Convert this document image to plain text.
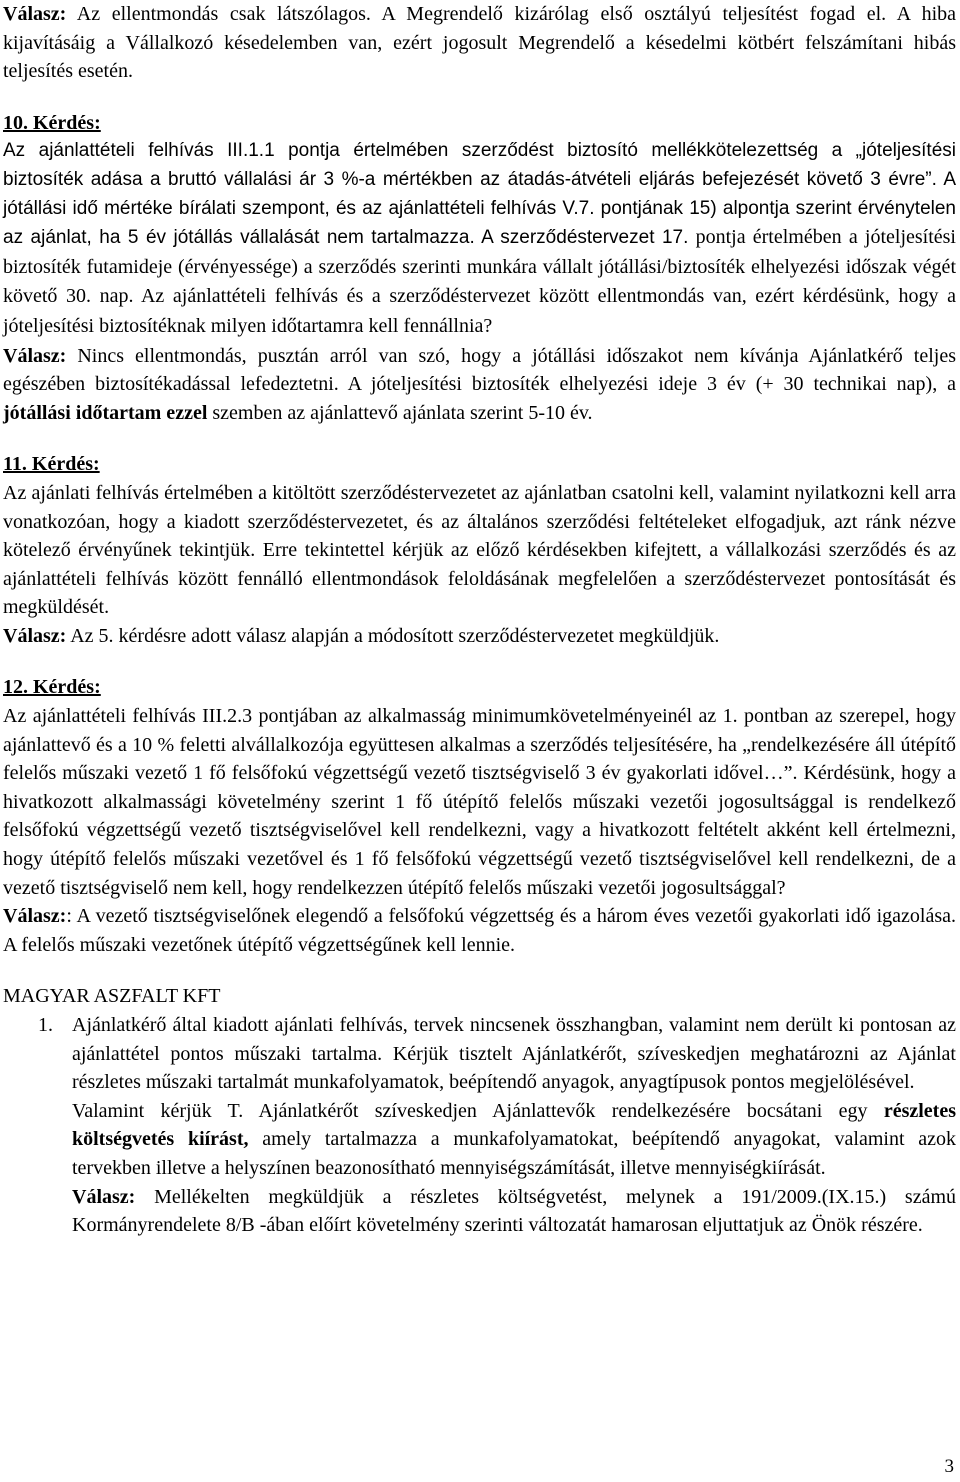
Válasz: Az ellentmondás csak látszólagos. A Megrendelő kizárólag első osztályú teljesítést fogad el. A hiba kijavításáig a Vállalkozó késedelemben van, ezért jogosult Megrendelő a késedelmi kötbért felszámítani hibás teljesítés esetén.

10. Kérdés:

Az ajánlattételi felhívás III.1.1 pontja értelmében szerződést biztosító mellékkötelezettség a „jóteljesítési biztosíték adása a bruttó vállalási ár 3 %-a mértékben az átadás-átvételi eljárás befejezését követő 3 évre”. A jótállási idő mértéke bírálati szempont, és az ajánlattételi felhívás V.7. pontjának 15) alpontja szerint érvénytelen az ajánlat, ha 5 év jótállás vállalását nem tartalmazza. A szerződéstervezet 17. pontja értelmében a jóteljesítési biztosíték futamideje (érvényessége) a szerződés szerinti munkára vállalt jótállási/biztosíték elhelyezési időszak végét követő 30. nap. Az ajánlattételi felhívás és a szerződéstervezet között ellentmondás van, ezért kérdésünk, hogy a jóteljesítési biztosítéknak milyen időtartamra kell fennállnia?

Válasz: Nincs ellentmondás, pusztán arról van szó, hogy a jótállási időszakot nem kívánja Ajánlatkérő teljes egészében biztosítékadással lefedeztetni. A jóteljesítési biztosíték elhelyezési ideje 3 év (+ 30 technikai nap), a jótállási időtartam ezzel szemben az ajánlattevő ajánlata szerint 5-10 év.

11. Kérdés:

Az ajánlati felhívás értelmében a kitöltött szerződéstervezetet az ajánlatban csatolni kell, valamint nyilatkozni kell arra vonatkozóan, hogy a kiadott szerződéstervezetet, és az általános szerződési feltételeket elfogadjuk, azt ránk nézve kötelező érvényűnek tekintjük. Erre tekintettel kérjük az előző kérdésekben kifejtett, a vállalkozási szerződés és az ajánlattételi felhívás között fennálló ellentmondások feloldásának megfelelően a szerződéstervezet pontosítását és megküldését.

Válasz: Az 5. kérdésre adott válasz alapján a módosított szerződéstervezetet megküldjük.

12. Kérdés:

Az ajánlattételi felhívás III.2.3 pontjában az alkalmasság minimumkövetelményeinél az 1. pontban az szerepel, hogy ajánlattevő és a 10 % feletti alvállalkozója együttesen alkalmas a szerződés teljesítésére, ha „rendelkezésére áll útépítő felelős műszaki vezető 1 fő felsőfokú végzettségű vezető tisztségviselő 3 év gyakorlati idővel…”. Kérdésünk, hogy a hivatkozott alkalmassági követelmény szerint 1 fő útépítő felelős műszaki vezetői jogosultsággal is rendelkező felsőfokú végzettségű vezető tisztségviselővel kell rendelkezni, vagy a hivatkozott feltételt akként kell értelmezni, hogy útépítő felelős műszaki vezetővel és 1 fő felsőfokú végzettségű vezető tisztségviselővel kell rendelkezni, de a vezető tisztségviselő nem kell, hogy rendelkezzen útépítő felelős műszaki vezetői jogosultsággal?

Válasz:: A vezető tisztségviselőnek elegendő a felsőfokú végzettség és a három éves vezetői gyakorlati idő igazolása. A felelős műszaki vezetőnek útépítő végzettségűnek kell lennie.

MAGYAR ASZFALT KFT

1. Ajánlatkérő által kiadott ajánlati felhívás, tervek nincsenek összhangban, valamint nem derült ki pontosan az ajánlattétel pontos műszaki tartalma. Kérjük tisztelt Ajánlatkérőt, szíveskedjen meghatározni az Ajánlat részletes műszaki tartalmát munkafolyamatok, beépítendő anyagok, anyagtípusok pontos megjelölésével.

Valamint kérjük T. Ajánlatkérőt szíveskedjen Ajánlattevők rendelkezésére bocsátani egy részletes költségvetés kiírást, amely tartalmazza a munkafolyamatokat, beépítendő anyagokat, valamint azok tervekben illetve a helyszínen beazonosítható mennyiségszámítását, illetve mennyiségkiírását.

Válasz: Mellékelten megküldjük a részletes költségvetést, melynek a 191/2009.(IX.15.) számú Kormányrendelete 8/B -ában előírt követelmény szerinti változatát hamarosan eljuttatjuk az Önök részére.

3
